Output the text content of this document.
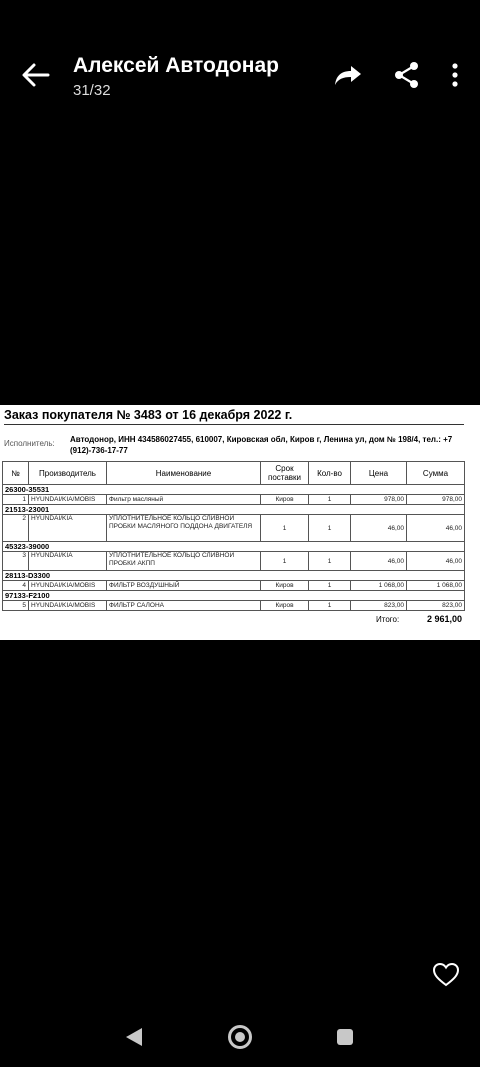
Алексей Автодонар
31/32
Заказ покупателя № 3483 от 16 декабря 2022 г.
Исполнитель: Автодонор, ИНН 434586027455, 610007, Кировская обл, Киров г, Ленина ул, дом № 198/4, тел.: +7 (912)-736-17-77
№	Производитель	Наименование	Срок поставки	Кол-во	Цена	Сумма
26300-35531						
1	HYUNDAI/KIA/MOBIS	Фильтр масляный	Киров	1	978,00	978,00
21513-23001						
2	HYUNDAI/KIA	УПЛОТНИТЕЛЬНОЕ КОЛЬЦО СЛИВНОЙ ПРОБКИ МАСЛЯНОГО ПОДДОНА ДВИГАТЕЛЯ	1	1	46,00	46,00
45323-39000						
3	HYUNDAI/KIA	УПЛОТНИТЕЛЬНОЕ КОЛЬЦО СЛИВНОЙ ПРОБКИ АКПП	1	1	46,00	46,00
28113-D3300						
4	HYUNDAI/KIA/MOBIS	ФИЛЬТР ВОЗДУШНЫЙ	Киров	1	1 068,00	1 068,00
97133-F2100						
5	HYUNDAI/KIA/MOBIS	ФИЛЬТР САЛОНА	Киров	1	823,00	823,00
Итого:	2 961,00
